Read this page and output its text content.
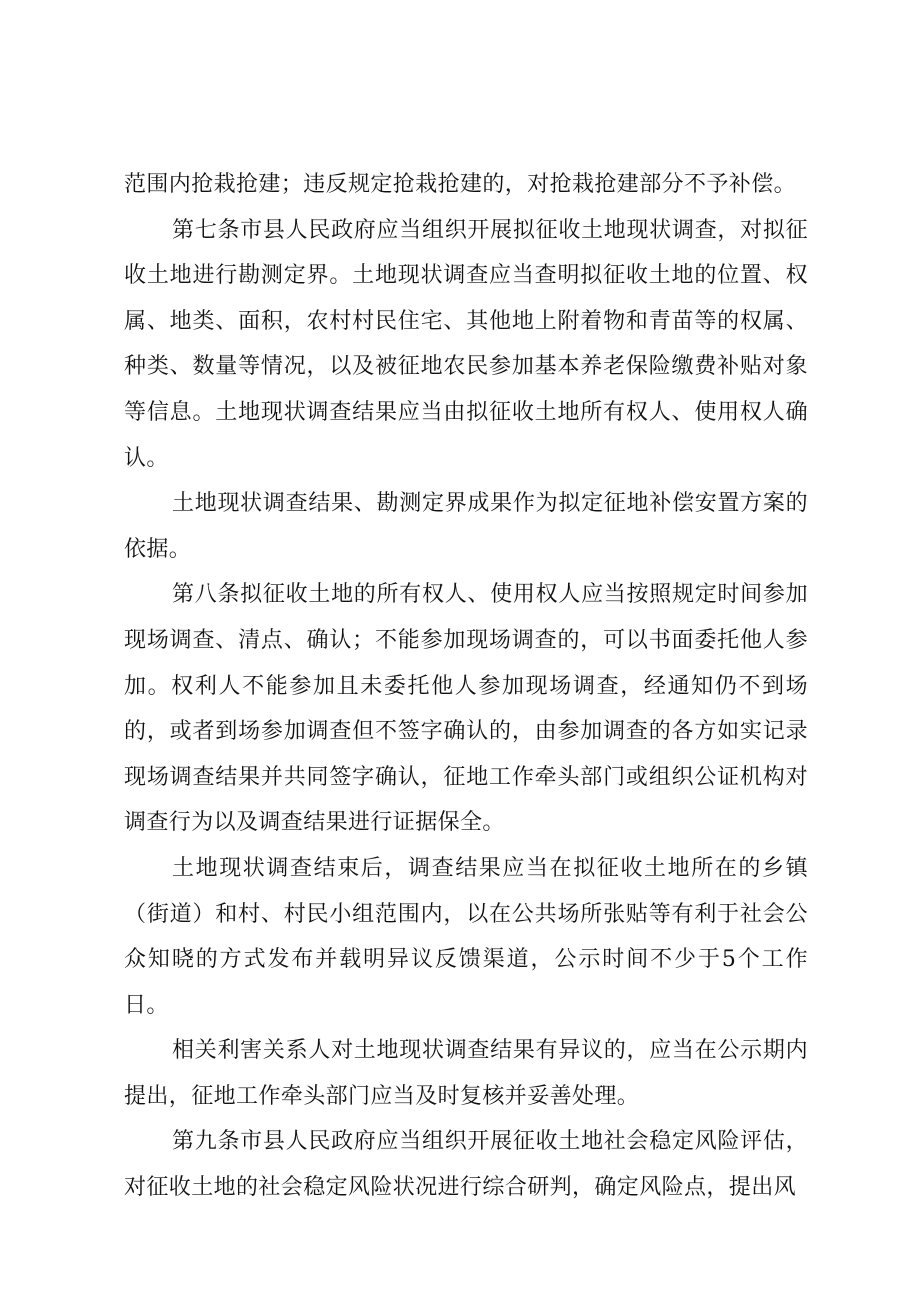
范围内抢栽抢建；违反规定抢栽抢建的，对抢栽抢建部分不予补偿。

第七条市县人民政府应当组织开展拟征收土地现状调查，对拟征收土地进行勘测定界。土地现状调查应当查明拟征收土地的位置、权属、地类、面积，农村村民住宅、其他地上附着物和青苗等的权属、种类、数量等情况，以及被征地农民参加基本养老保险缴费补贴对象等信息。土地现状调查结果应当由拟征收土地所有权人、使用权人确认。

土地现状调查结果、勘测定界成果作为拟定征地补偿安置方案的依据。

第八条拟征收土地的所有权人、使用权人应当按照规定时间参加现场调查、清点、确认；不能参加现场调查的，可以书面委托他人参加。权利人不能参加且未委托他人参加现场调查，经通知仍不到场的，或者到场参加调查但不签字确认的，由参加调查的各方如实记录现场调查结果并共同签字确认，征地工作牵头部门或组织公证机构对调查行为以及调查结果进行证据保全。

土地现状调查结束后，调查结果应当在拟征收土地所在的乡镇（街道）和村、村民小组范围内，以在公共场所张贴等有利于社会公众知晓的方式发布并载明异议反馈渠道，公示时间不少于5个工作日。

相关利害关系人对土地现状调查结果有异议的，应当在公示期内提出，征地工作牵头部门应当及时复核并妥善处理。

第九条市县人民政府应当组织开展征收土地社会稳定风险评估，对征收土地的社会稳定风险状况进行综合研判，确定风险点，提出风
